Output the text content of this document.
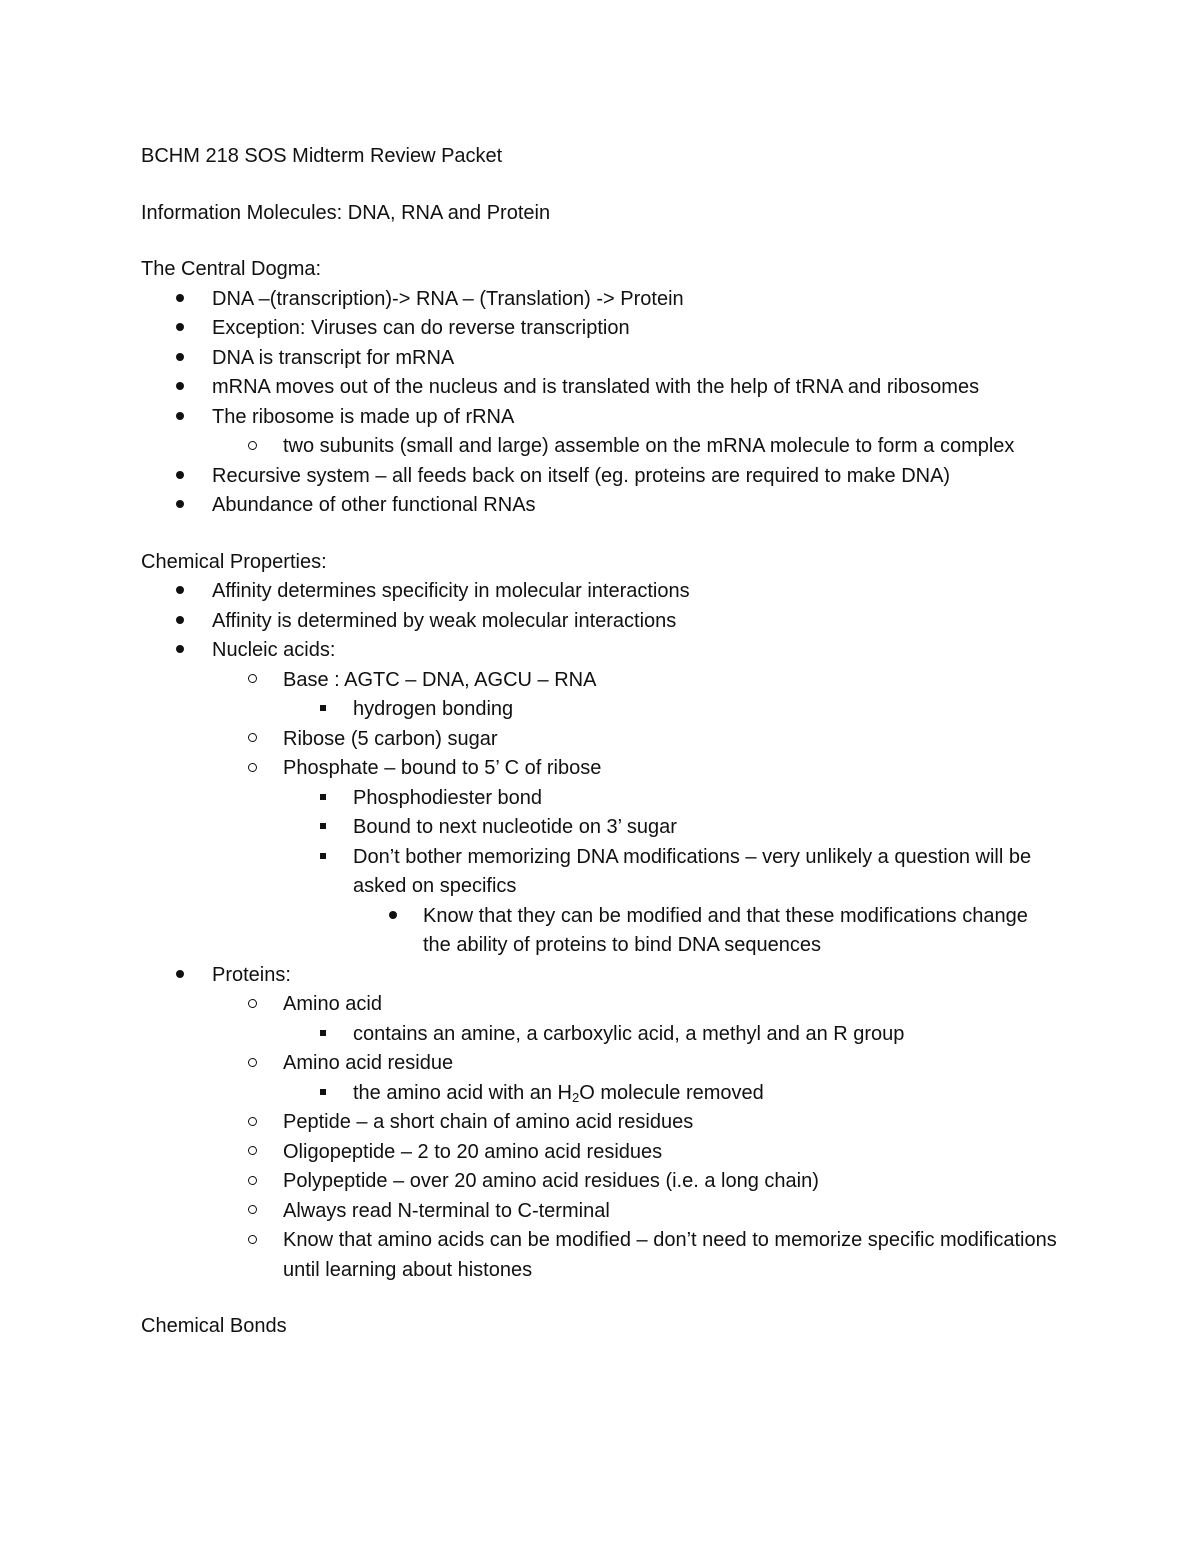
BCHM 218 SOS Midterm Review Packet
Information Molecules: DNA, RNA and Protein
The Central Dogma:
DNA –(transcription)-> RNA – (Translation) -> Protein
Exception: Viruses can do reverse transcription
DNA is transcript for mRNA
mRNA moves out of the nucleus and is translated with the help of tRNA and ribosomes
The ribosome is made up of rRNA
two subunits (small and large) assemble on the mRNA molecule to form a complex
Recursive system – all feeds back on itself (eg. proteins are required to make DNA)
Abundance of other functional RNAs
Chemical Properties:
Affinity determines specificity in molecular interactions
Affinity is determined by weak molecular interactions
Nucleic acids:
Base : AGTC – DNA, AGCU – RNA
hydrogen bonding
Ribose (5 carbon) sugar
Phosphate – bound to 5’ C of ribose
Phosphodiester bond
Bound to next nucleotide on 3’ sugar
Don’t bother memorizing DNA modifications – very unlikely a question will be asked on specifics
Know that they can be modified and that these modifications change the ability of proteins to bind DNA sequences
Proteins:
Amino acid
contains an amine, a carboxylic acid, a methyl and an R group
Amino acid residue
the amino acid with an $H_2O$ molecule removed
Peptide – a short chain of amino acid residues
Oligopeptide – 2 to 20 amino acid residues
Polypeptide – over 20 amino acid residues (i.e. a long chain)
Always read N-terminal to C-terminal
Know that amino acids can be modified – don’t need to memorize specific modifications until learning about histones
Chemical Bonds
